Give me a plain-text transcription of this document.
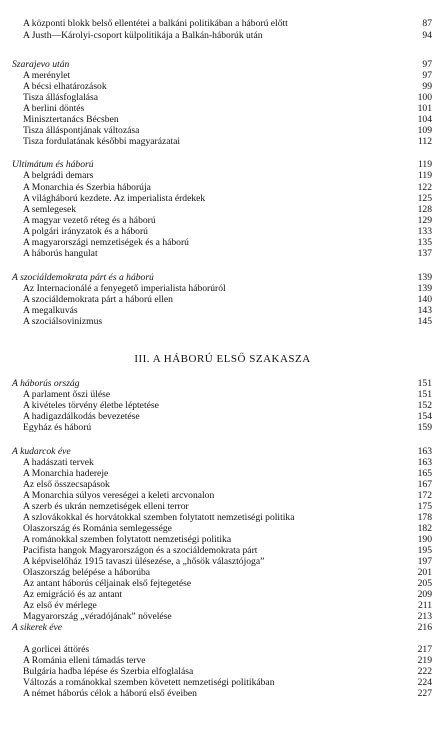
III. A HÁBORÚ ELSŐ SZAKASZA
A központi blokk belső ellentétei a balkáni politikában a háború előtt	87
A Justh—Károlyi-csoport külpolitikája a Balkán-háborúk után	94
Szarajevo után	97
A merénylet	97
A bécsi elhatározások	99
Tisza állásfoglalása	100
A berlini döntés	101
Minisztertanács Bécsben	104
Tisza álláspontjának változása	109
Tisza fordulatának későbbi magyarázatai	112
Ultimátum és háború	119
A belgrádi demars	119
A Monarchia és Szerbia háborúja	122
A világháború kezdete. Az imperialista érdekek	125
A semlegesek	128
A magyar vezető réteg és a háború	129
A polgári irányzatok és a háború	133
A magyarországi nemzetiségek és a háború	135
A háborús hangulat	137
A szociáldemokrata párt és a háború	139
Az Internacionálé a fenyegető imperialista háborúról	139
A szociáldemokrata párt a háború ellen	140
A megalkuvás	143
A szociálsovinizmus	145
A háborús ország	151
A parlament őszi ülése	151
A kivételes törvény életbe léptetése	152
A hadigazdálkodás bevezetése	154
Egyház és háború	159
A kudarcok éve	163
A hadászati tervek	163
A Monarchia hadereje	165
Az első összecsapások	167
A Monarchia súlyos vereségei a keleti arcvonalon	172
A szerb és ukrán nemzetiségek elleni terror	175
A szlovákokkal és horvátokkal szemben folytatott nemzetiségi politika	178
Olaszország és Románia semlegessége	182
A románokkal szemben folytatott nemzetiségi politika	190
Pacifista hangok Magyarországon és a szociáldemokrata párt	195
A képviselőház 1915 tavaszi ülésezése, a „hősök választójoga”	197
Olaszország belépése a háborúba	201
Az antant háborús céljainak első fejtegetése	205
Az emigráció és az antant	209
Az első év mérlege	211
Magyarország „véradójának” növelése	213
A sikerek éve	216
A gorlicei áttörés	217
A Románia elleni támadás terve	219
Bulgária hadba lépése és Szerbia elfoglalása	222
Változás a románokkal szemben követett nemzetiségi politikában	224
A német háborús célok a háború első éveiben	227
